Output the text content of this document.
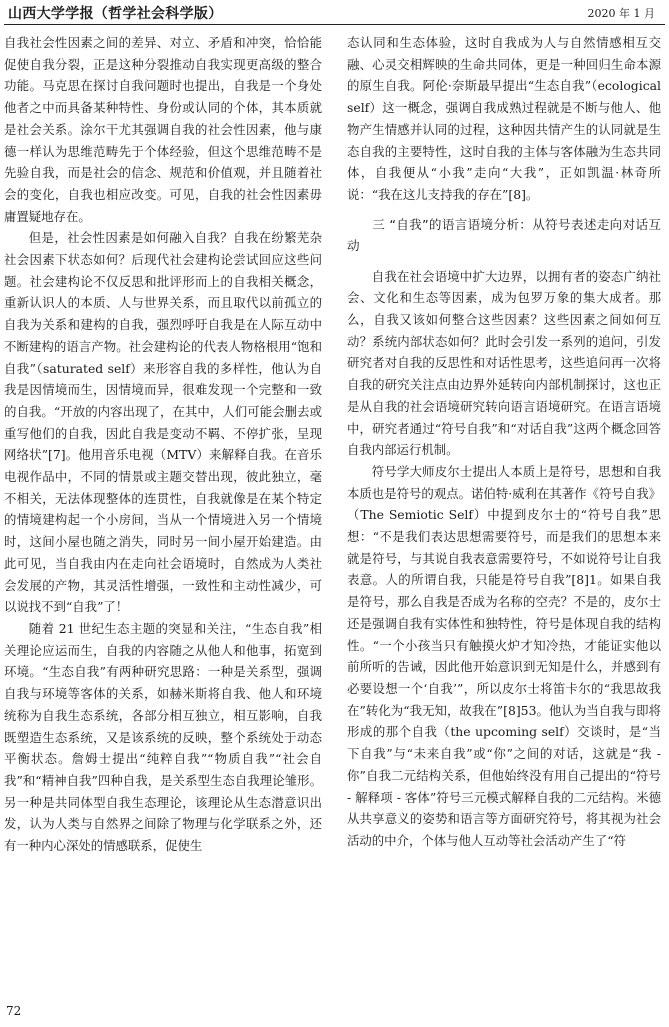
山西大学学报（哲学社会科学版）	2020 年 1 月

自我社会性因素之间的差异、对立、矛盾和冲突，恰恰能促使自我分裂，正是这种分裂推动自我实现更高级的整合功能。马克思在探讨自我问题时也提出，自我是一个身处他者之中而具备某种特性、身份或认同的个体，其本质就是社会关系。涂尔干尤其强调自我的社会性因素，他与康德一样认为思维范畴先于个体经验，但这个思维范畴不是先验自我，而是社会的信念、规范和价值观，并且随着社会的变化，自我也相应改变。可见，自我的社会性因素毋庸置疑地存在。

但是，社会性因素是如何融入自我？自我在纷繁芜杂社会因素下状态如何？后现代社会建构论尝试回应这些问题。社会建构论不仅反思和批评形而上的自我相关概念，重新认识人的本质、人与世界关系，而且取代以前孤立的自我为关系和建构的自我，强烈呼吁自我是在人际互动中不断建构的语言产物。社会建构论的代表人物格根用“饱和自我”（saturated self）来形容自我的多样性，他认为自我是因情境而生，因情境而异，很难发现一个完整和一致的自我。“开放的内容出现了，在其中，人们可能会删去或重写他们的自我，因此自我是变动不羁、不停扩张，呈现网络状”[7]。他用音乐电视（MTV）来解释自我。在音乐电视作品中，不同的情景或主题交替出现，彼此独立，毫不相关，无法体现整体的连贯性，自我就像是在某个特定的情境建构起一个小房间，当从一个情境进入另一个情境时，这间小屋也随之消失，同时另一间小屋开始建造。由此可见，当自我由内在走向社会语境时，自然成为人类社会发展的产物，其灵活性增强，一致性和主动性减少，可以说找不到“自我”了！

随着 21 世纪生态主题的突显和关注，“生态自我”相关理论应运而生，自我的内容随之从他人和他事，拓宽到环境。“生态自我”有两种研究思路：一种是关系型，强调自我与环境等客体的关系，如赫米斯将自我、他人和环境统称为自我生态系统，各部分相互独立，相互影响，自我既塑造生态系统，又是该系统的反映，整个系统处于动态平衡状态。詹姆士提出“纯粹自我”“物质自我”“社会自我”和“精神自我”四种自我，是关系型生态自我理论雏形。另一种是共同体型自我生态理论，该理论从生态潜意识出发，认为人类与自然界之间除了物理与化学联系之外，还有一种内心深处的情感联系，促使生

态认同和生态体验，这时自我成为人与自然情感相互交融、心灵交相辉映的生命共同体，更是一种回归生命本源的原生自我。阿伦·奈斯最早提出“生态自我”（ecological self）这一概念，强调自我成熟过程就是不断与他人、他物产生情感并认同的过程，这种因共情产生的认同就是生态自我的主要特性，这时自我的主体与客体融为生态共同体，自我便从“小我”走向“大我”，正如凯温·林奇所说：“我在这儿支持我的存在”[8]。

三 “自我”的语言语境分析：从符号表述走向对话互动

自我在社会语境中扩大边界，以拥有者的姿态广纳社会、文化和生态等因素，成为包罗万象的集大成者。那么，自我又该如何整合这些因素？这些因素之间如何互动？系统内部状态如何？此时会引发一系列的追问，引发研究者对自我的反思性和对话性思考，这些追问再一次将自我的研究关注点由边界外延转向内部机制探讨，这也正是从自我的社会语境研究转向语言语境研究。在语言语境中，研究者通过“符号自我”和“对话自我”这两个概念回答自我内部运行机制。

符号学大师皮尔士提出人本质上是符号，思想和自我本质也是符号的观点。诺伯特·威利在其著作《符号自我》（The Semiotic Self）中提到皮尔士的“符号自我”思想：“不是我们表达思想需要符号，而是我们的思想本来就是符号，与其说自我表意需要符号，不如说符号让自我表意。人的所谓自我，只能是符号自我”[8]1。如果自我是符号，那么自我是否成为名称的空壳？不是的，皮尔士还是强调自我有实体性和独特性，符号是体现自我的结构性。“一个小孩当只有触摸火炉才知冷热，才能证实他以前所听的告诫，因此他开始意识到无知是什么，并感到有必要设想一个‘自我’”，所以皮尔士将笛卡尔的“我思故我在”转化为“我无知，故我在”[8]53。他认为当自我与即将形成的那个自我（the upcoming self）交谈时，是“当下自我”与“未来自我”或“你”之间的对话，这就是“我 - 你”自我二元结构关系，但他始终没有用自己提出的“符号 - 解释项 - 客体”符号三元模式解释自我的二元结构。米德从共享意义的姿势和语言等方面研究符号，将其视为社会活动的中介，个体与他人互动等社会活动产生了“符

72
